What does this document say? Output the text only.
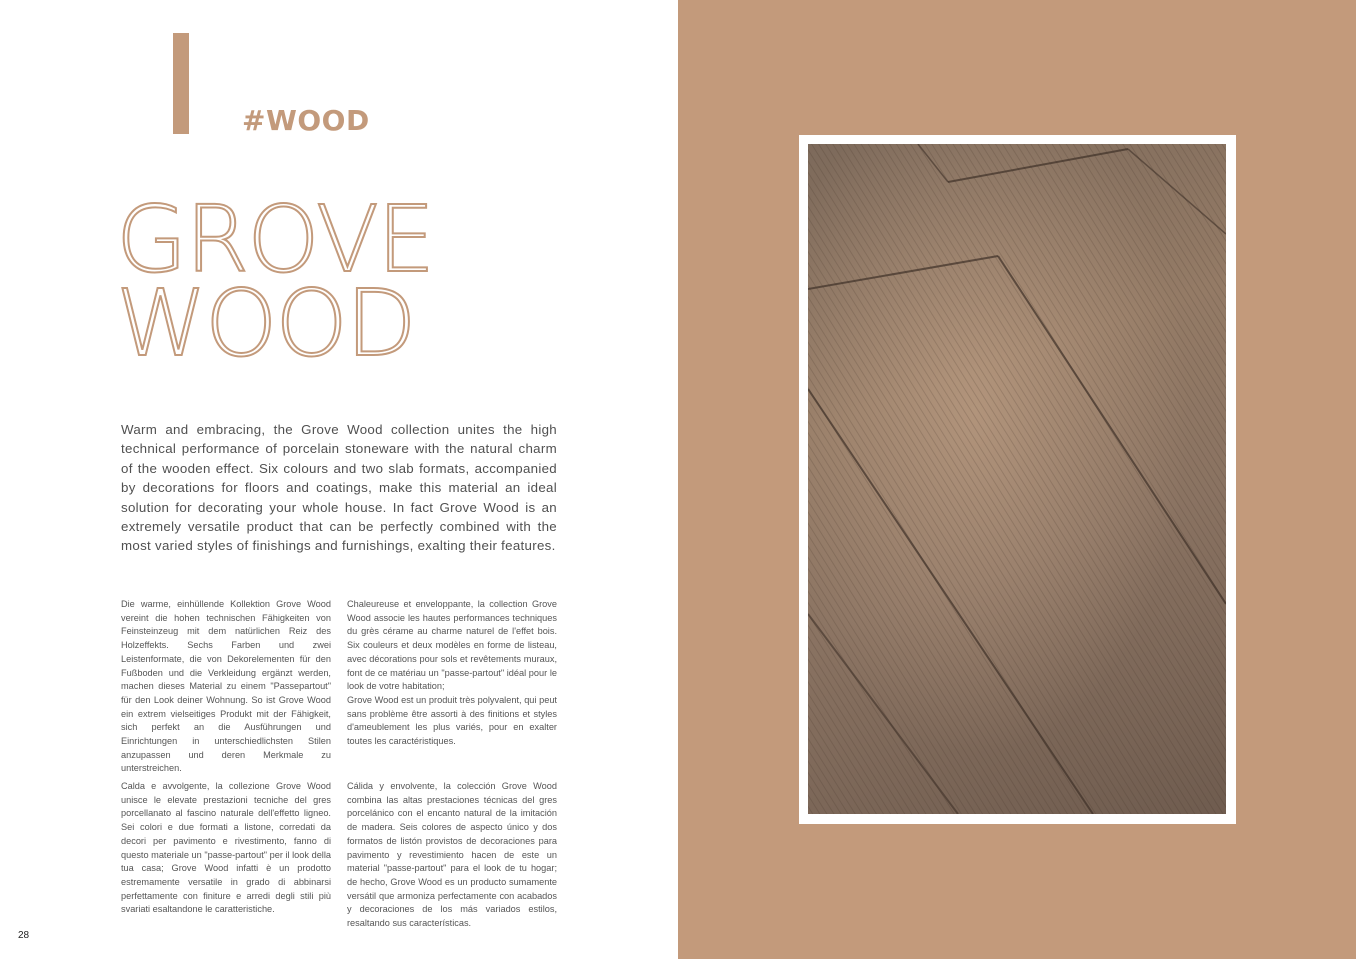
#WOOD
GROVE
WOOD

Warm and embracing, the Grove Wood collection unites the high technical performance of porcelain stoneware with the natural charm of the wooden effect. Six colours and two slab formats, accompanied by decorations for floors and coatings, make this material an ideal solution for decorating your whole house. In fact Grove Wood is an extremely versatile product that can be perfectly combined with the most varied styles of finishings and furnishings, exalting their features.

Die warme, einhüllende Kollektion Grove Wood vereint die hohen technischen Fähigkeiten von Feinsteinzeug mit dem natürlichen Reiz des Holzeffekts. Sechs Farben und zwei Leistenformate, die von Dekorelementen für den Fußboden und die Verkleidung ergänzt werden, machen dieses Material zu einem "Passepartout" für den Look deiner Wohnung. So ist Grove Wood ein extrem vielseitiges Produkt mit der Fähigkeit, sich perfekt an die Ausführungen und Einrichtungen in unterschiedlichsten Stilen anzupassen und deren Merkmale zu unterstreichen.

Chaleureuse et enveloppante, la collection Grove Wood associe les hautes performances techniques du grès cérame au charme naturel de l'effet bois. Six couleurs et deux modèles en forme de listeau, avec décorations pour sols et revêtements muraux, font de ce matériau un "passe-partout" idéal pour le look de votre habitation;

Grove Wood est un produit très polyvalent, qui peut sans problème être assorti à des finitions et styles d'ameublement les plus variés, pour en exalter toutes les caractéristiques.

Calda e avvolgente, la collezione Grove Wood unisce le elevate prestazioni tecniche del gres porcellanato al fascino naturale dell'effetto ligneo. Sei colori e due formati a listone, corredati da decori per pavimento e rivestimento, fanno di questo materiale un "passe-partout" per il look della tua casa; Grove Wood infatti è un prodotto estremamente versatile in grado di abbinarsi perfettamente con finiture e arredi degli stili più svariati esaltandone le caratteristiche.

Cálida y envolvente, la colección Grove Wood combina las altas prestaciones técnicas del gres porcelánico con el encanto natural de la imitación de madera. Seis colores de aspecto único y dos formatos de listón provistos de decoraciones para pavimento y revestimiento hacen de este un material "passe-partout" para el look de tu hogar; de hecho, Grove Wood es un producto sumamente versátil que armoniza perfectamente con acabados y decoraciones de los más variados estilos, resaltando sus características.

28
